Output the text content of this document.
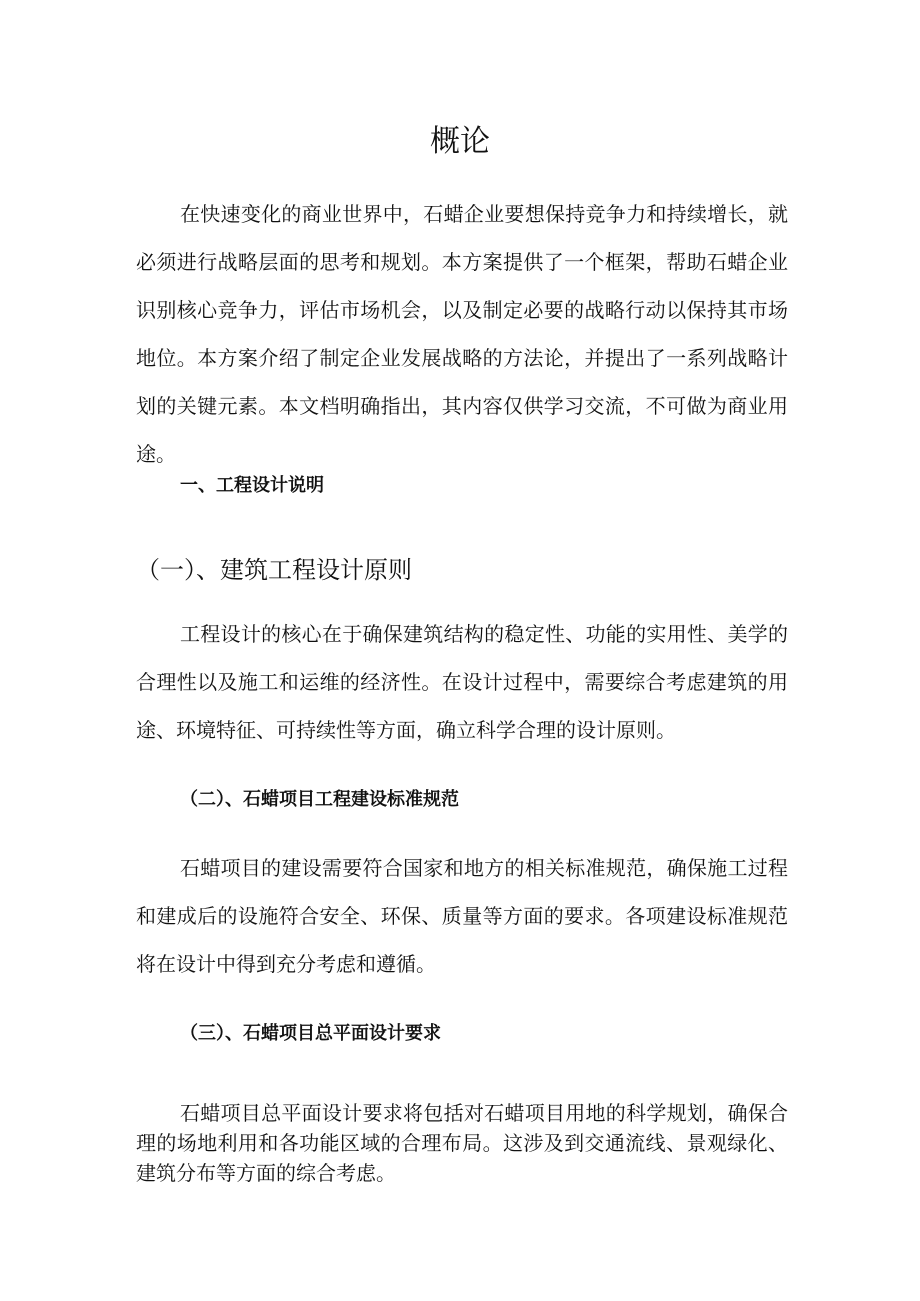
概论

在快速变化的商业世界中，石蜡企业要想保持竞争力和持续增长，就必须进行战略层面的思考和规划。本方案提供了一个框架，帮助石蜡企业识别核心竞争力，评估市场机会，以及制定必要的战略行动以保持其市场地位。本方案介绍了制定企业发展战略的方法论，并提出了一系列战略计划的关键元素。本文档明确指出，其内容仅供学习交流，不可做为商业用途。

一、工程设计说明
（一）、建筑工程设计原则

工程设计的核心在于确保建筑结构的稳定性、功能的实用性、美学的合理性以及施工和运维的经济性。在设计过程中，需要综合考虑建筑的用途、环境特征、可持续性等方面，确立科学合理的设计原则。

（二）、石蜡项目工程建设标准规范

石蜡项目的建设需要符合国家和地方的相关标准规范，确保施工过程和建成后的设施符合安全、环保、质量等方面的要求。各项建设标准规范将在设计中得到充分考虑和遵循。

（三）、石蜡项目总平面设计要求

石蜡项目总平面设计要求将包括对石蜡项目用地的科学规划，确保合理的场地利用和各功能区域的合理布局。这涉及到交通流线、景观绿化、建筑分布等方面的综合考虑。
